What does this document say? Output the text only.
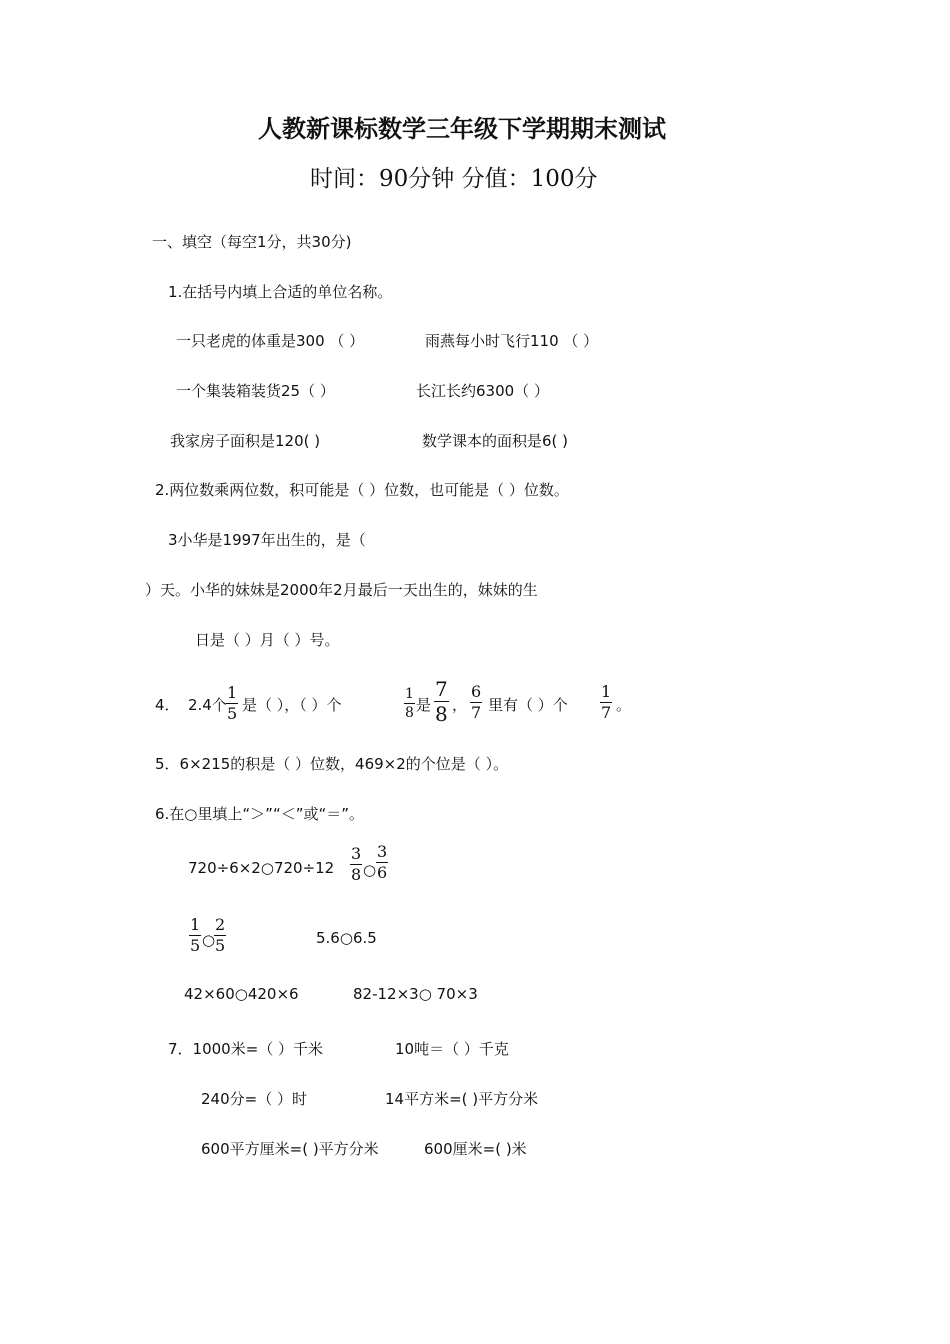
人教新课标数学三年级下学期期末测试
时间：90分钟 分值：100分
一、填空（每空1分，共30分)
1.在括号内填上合适的单位名称。
一只老虎的体重是300 （ ）	雨燕每小时飞行110 （ ）
一个集装箱装货25（ ）	长江长约6300（ ）
我家房子面积是120( )	数学课本的面积是6( )
2.两位数乘两位数，积可能是（ ）位数，也可能是（ ）位数。
3小华是1997年出生的，是（
）天。小华的妹妹是2000年2月最后一天出生的，妹妹的生
日是（ ）月（ ）号。
4． 2.4个
1
5 是（ ），（ ）个
1
8 是
7
8 ，
6
7 里有（ ）个
1
7 。
5．6×215的积是（ ）位数，469×2的个位是（ ）。
6.在○里填上“＞”“＜”或“＝”。
720÷6×2○720÷12
3
8 ○
3
6
1
5 ○
2
5	5.6○6.5
42×60○420×6	82-12×3○ 70×3
7．1000米=（ ）千米	10吨＝（ ）千克
240分=（ ）时	14平方米=( )平方分米
600平方厘米=( )平方分米	600厘米=( )米
